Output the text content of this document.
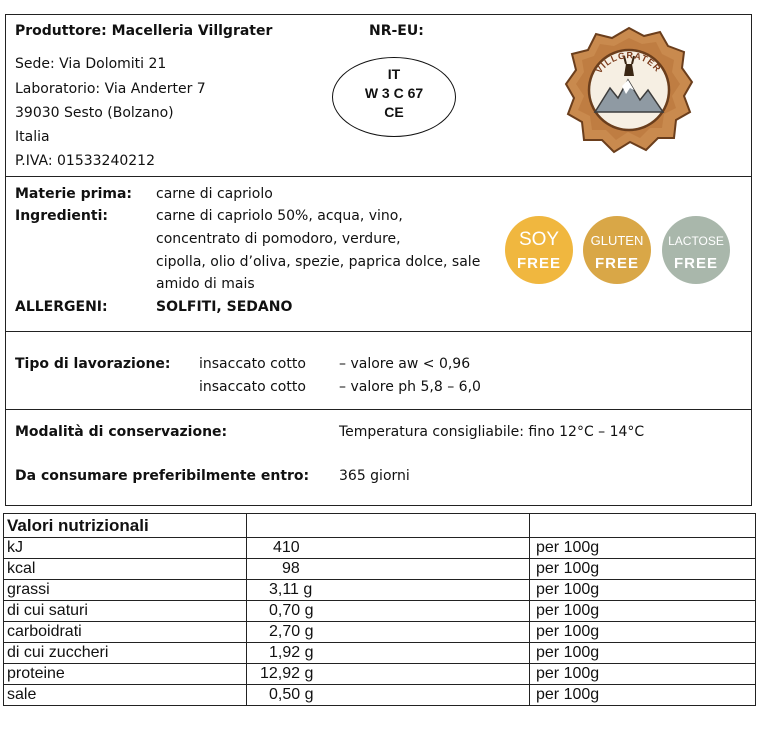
Produttore: Macelleria Villgrater
Sede: Via Dolomiti 21
Laboratorio: Via Anderter 7
39030 Sesto (Bolzano)
Italia
P.IVA: 01533240212
NR-EU:
IT
W 3 C 67
CE
VILLGRATER
Materie prima: carne di capriolo
Ingredienti:	carne di capriolo 50%, acqua, vino,
concentrato di pomodoro, verdure,
cipolla, olio d’oliva, spezie, paprica dolce, sale
amido di mais
ALLERGENI:	SOLFITI, SEDANO
SOY
FREE
GLUTEN
FREE
LACTOSE
FREE
Tipo di lavorazione: insaccato cotto – valore aw < 0,96
insaccato cotto – valore ph 5,8 – 6,0
Modalità di conservazione:	Temperatura consigliabile: fino 12°C – 14°C
Da consumare preferibilmente entro: 365 giorni
Valori nutrizionali		
kJ	410	per 100g
kcal	98	per 100g
grassi	3,11 g	per 100g
di cui saturi	0,70 g	per 100g
carboidrati	2,70 g	per 100g
di cui zuccheri	1,92 g	per 100g
proteine	12,92 g	per 100g
sale	0,50 g	per 100g
